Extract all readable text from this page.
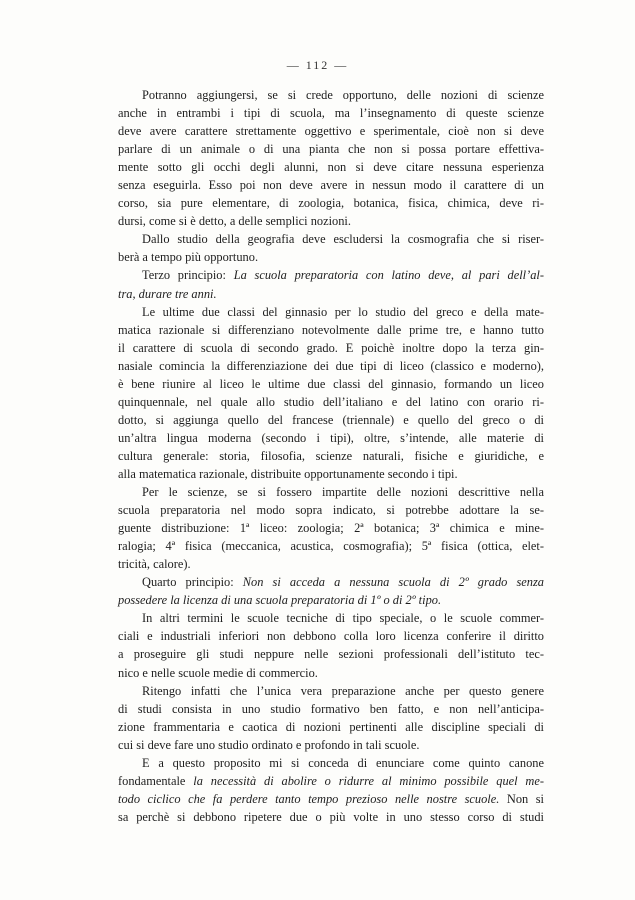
— 112 —
Potranno aggiungersi, se si crede opportuno, delle nozioni di scienze
anche in entrambi i tipi di scuola, ma l’insegnamento di queste scienze
deve avere carattere strettamente oggettivo e sperimentale, cioè non si deve
parlare di un animale o di una pianta che non si possa portare effettiva-
mente sotto gli occhi degli alunni, non si deve citare nessuna esperienza
senza eseguirla. Esso poi non deve avere in nessun modo il carattere di un
corso, sia pure elementare, di zoologia, botanica, fisica, chimica, deve ri-
dursi, come si è detto, a delle semplici nozioni.
Dallo studio della geografia deve escludersi la cosmografia che si riser-
berà a tempo più opportuno.
Terzo principio: La scuola preparatoria con latino deve, al pari dell’al-
tra, durare tre anni.
Le ultime due classi del ginnasio per lo studio del greco e della mate-
matica razionale si differenziano notevolmente dalle prime tre, e hanno tutto
il carattere di scuola di secondo grado. E poichè inoltre dopo la terza gin-
nasiale comincia la differenziazione dei due tipi di liceo (classico e moderno),
è bene riunire al liceo le ultime due classi del ginnasio, formando un liceo
quinquennale, nel quale allo studio dell’italiano e del latino con orario ri-
dotto, si aggiunga quello del francese (triennale) e quello del greco o di
un’altra lingua moderna (secondo i tipi), oltre, s’intende, alle materie di
cultura generale: storia, filosofia, scienze naturali, fisiche e giuridiche, e
alla matematica razionale, distribuite opportunamente secondo i tipi.
Per le scienze, se si fossero impartite delle nozioni descrittive nella
scuola preparatoria nel modo sopra indicato, si potrebbe adottare la se-
guente distribuzione: 1ª liceo: zoologia; 2ª botanica; 3ª chimica e mine-
ralogia; 4ª fisica (meccanica, acustica, cosmografia); 5ª fisica (ottica, elet-
tricità, calore).
Quarto principio: Non si acceda a nessuna scuola di 2º grado senza
possedere la licenza di una scuola preparatoria di 1º o di 2º tipo.
In altri termini le scuole tecniche di tipo speciale, o le scuole commer-
ciali e industriali inferiori non debbono colla loro licenza conferire il diritto
a proseguire gli studi neppure nelle sezioni professionali dell’istituto tec-
nico e nelle scuole medie di commercio.
Ritengo infatti che l’unica vera preparazione anche per questo genere
di studi consista in uno studio formativo ben fatto, e non nell’anticipa-
zione frammentaria e caotica di nozioni pertinenti alle discipline speciali di
cui si deve fare uno studio ordinato e profondo in tali scuole.
E a questo proposito mi si conceda di enunciare come quinto canone
fondamentale la necessità di abolire o ridurre al minimo possibile quel me-
todo ciclico che fa perdere tanto tempo prezioso nelle nostre scuole. Non si
sa perchè si debbono ripetere due o più volte in uno stesso corso di studi
